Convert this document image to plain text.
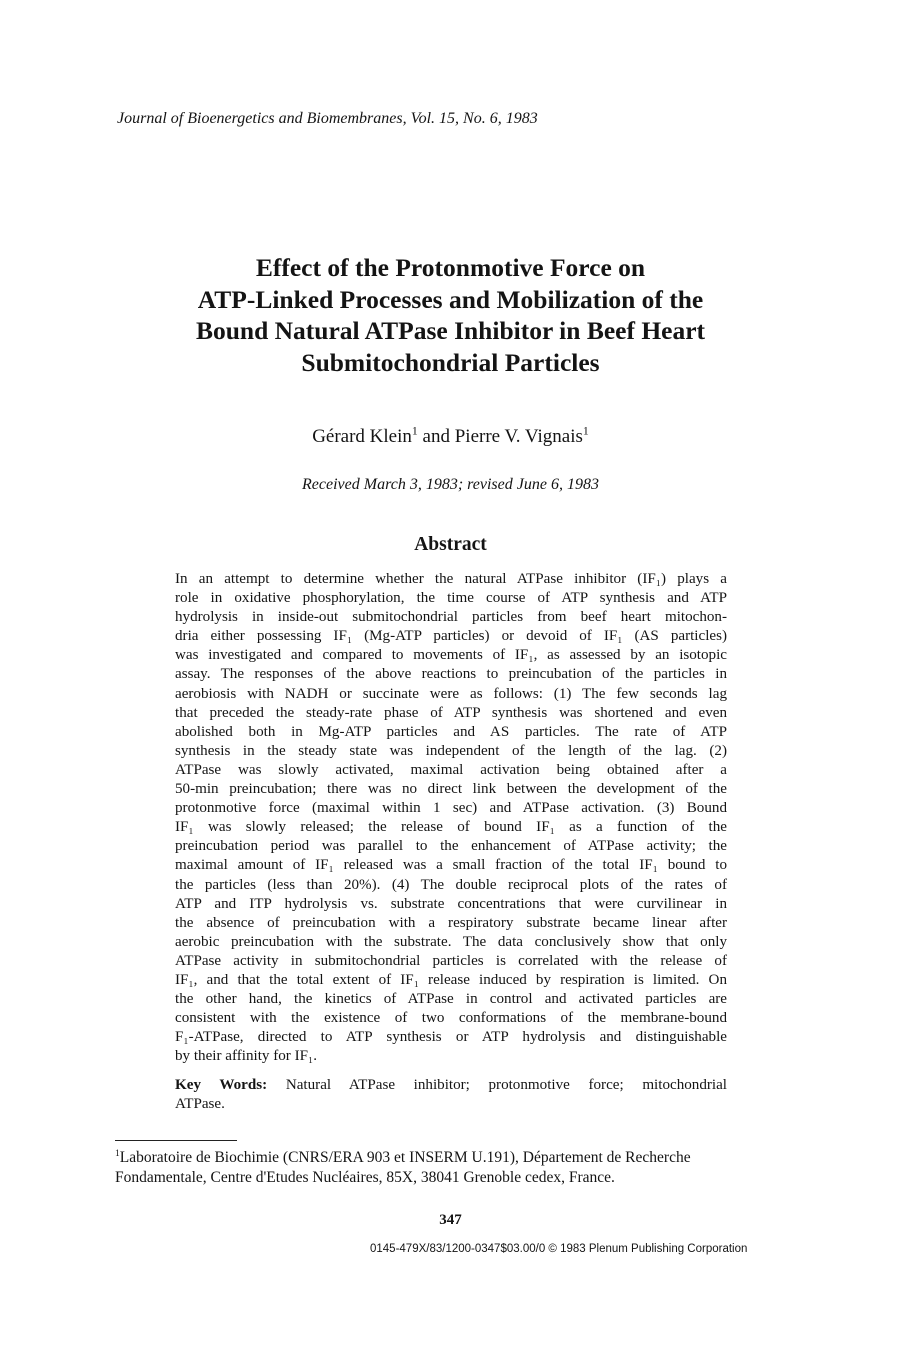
Journal of Bioenergetics and Biomembranes, Vol. 15, No. 6, 1983
Effect of the Protonmotive Force on
ATP-Linked Processes and Mobilization of the
Bound Natural ATPase Inhibitor in Beef Heart
Submitochondrial Particles
Gérard Klein$^1$ and Pierre V. Vignais$^1$
Received March 3, 1983; revised June 6, 1983
Abstract
In an attempt to determine whether the natural ATPase inhibitor (IF₁) plays a
role in oxidative phosphorylation, the time course of ATP synthesis and ATP
hydrolysis in inside-out submitochondrial particles from beef heart mitochon-
dria either possessing IF₁ (Mg-ATP particles) or devoid of IF₁ (AS particles)
was investigated and compared to movements of IF₁, as assessed by an isotopic
assay. The responses of the above reactions to preincubation of the particles in
aerobiosis with NADH or succinate were as follows: (1) The few seconds lag
that preceded the steady-rate phase of ATP synthesis was shortened and even
abolished both in Mg-ATP particles and AS particles. The rate of ATP
synthesis in the steady state was independent of the length of the lag. (2)
ATPase was slowly activated, maximal activation being obtained after a
50-min preincubation; there was no direct link between the development of the
protonmotive force (maximal within 1 sec) and ATPase activation. (3) Bound
IF₁ was slowly released; the release of bound IF₁ as a function of the
preincubation period was parallel to the enhancement of ATPase activity; the
maximal amount of IF₁ released was a small fraction of the total IF₁ bound to
the particles (less than 20%). (4) The double reciprocal plots of the rates of
ATP and ITP hydrolysis vs. substrate concentrations that were curvilinear in
the absence of preincubation with a respiratory substrate became linear after
aerobic preincubation with the substrate. The data conclusively show that only
ATPase activity in submitochondrial particles is correlated with the release of
IF₁, and that the total extent of IF₁ release induced by respiration is limited. On
the other hand, the kinetics of ATPase in control and activated particles are
consistent with the existence of two conformations of the membrane-bound
F₁-ATPase, directed to ATP synthesis or ATP hydrolysis and distinguishable
by their affinity for IF₁.
Key Words: Natural ATPase inhibitor; protonmotive force; mitochondrial
ATPase.
$^1$Laboratoire de Biochimie (CNRS/ERA 903 et INSERM U.191), Département de Recherche
Fondamentale, Centre d'Etudes Nucléaires, 85X, 38041 Grenoble cedex, France.
347
0145-479X/83/1200-0347$03.00/0 © 1983 Plenum Publishing Corporation
